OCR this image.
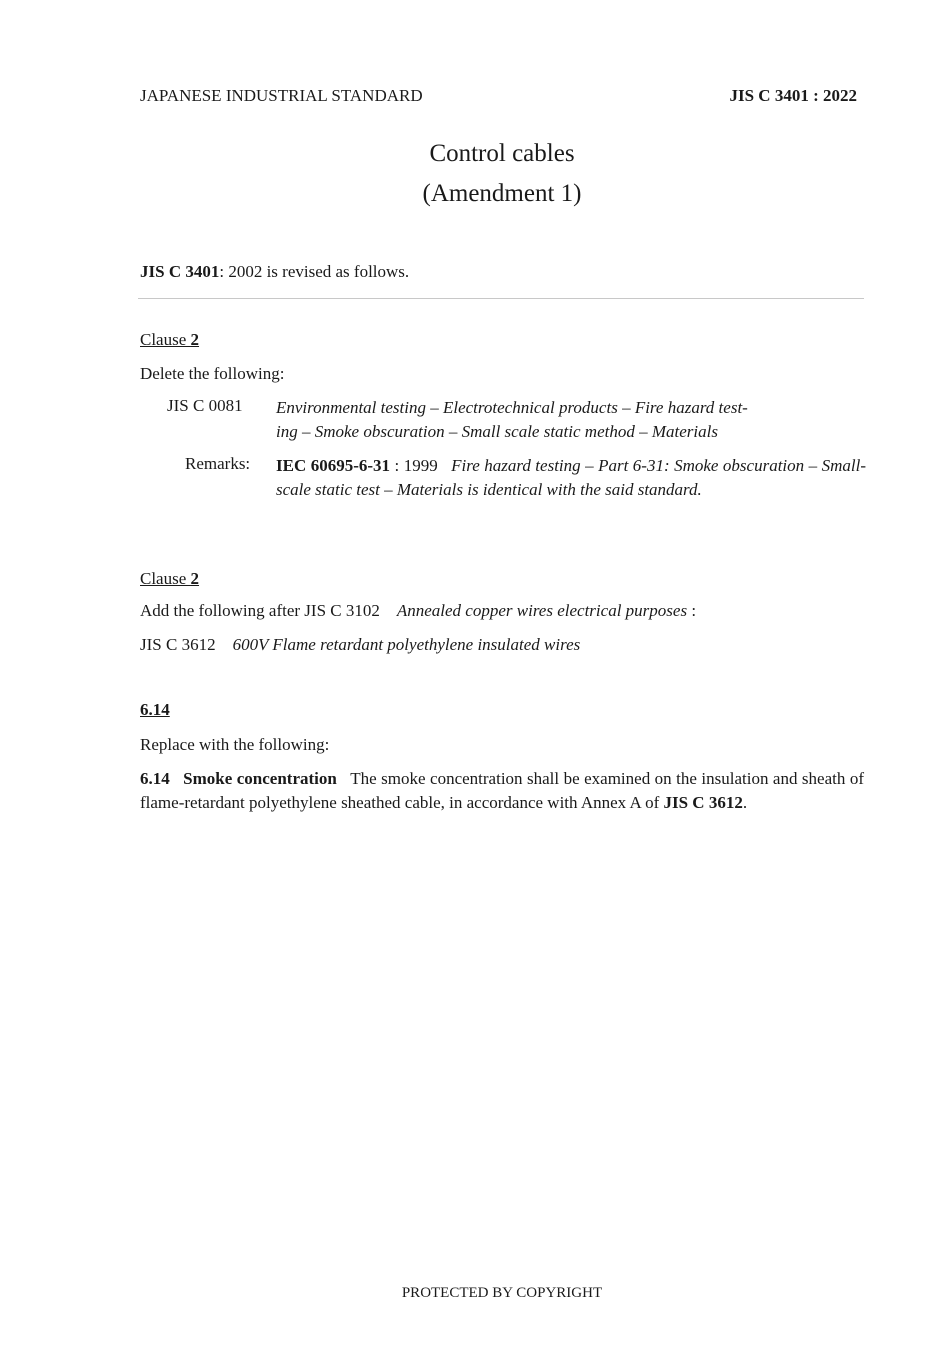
JAPANESE INDUSTRIAL STANDARD	JIS C 3401 : 2022
Control cables
(Amendment 1)
JIS C 3401: 2002 is revised as follows.
Clause 2
Delete the following:
JIS C 0081 Environmental testing – Electrotechnical products – Fire hazard test-
ing – Smoke obscuration – Small scale static method – Materials
Remarks: IEC 60695-6-31 : 1999 Fire hazard testing – Part 6-31: Smoke obscuration – Small-scale static test – Materials is identical with the said standard.
Clause 2
Add the following after JIS C 3102 Annealed copper wires electrical purposes :
JIS C 3612 600V Flame retardant polyethylene insulated wires
6.14
Replace with the following:
6.14 Smoke concentration The smoke concentration shall be examined on the insulation and sheath of flame-retardant polyethylene sheathed cable, in accordance with Annex A of JIS C 3612.
PROTECTED BY COPYRIGHT
